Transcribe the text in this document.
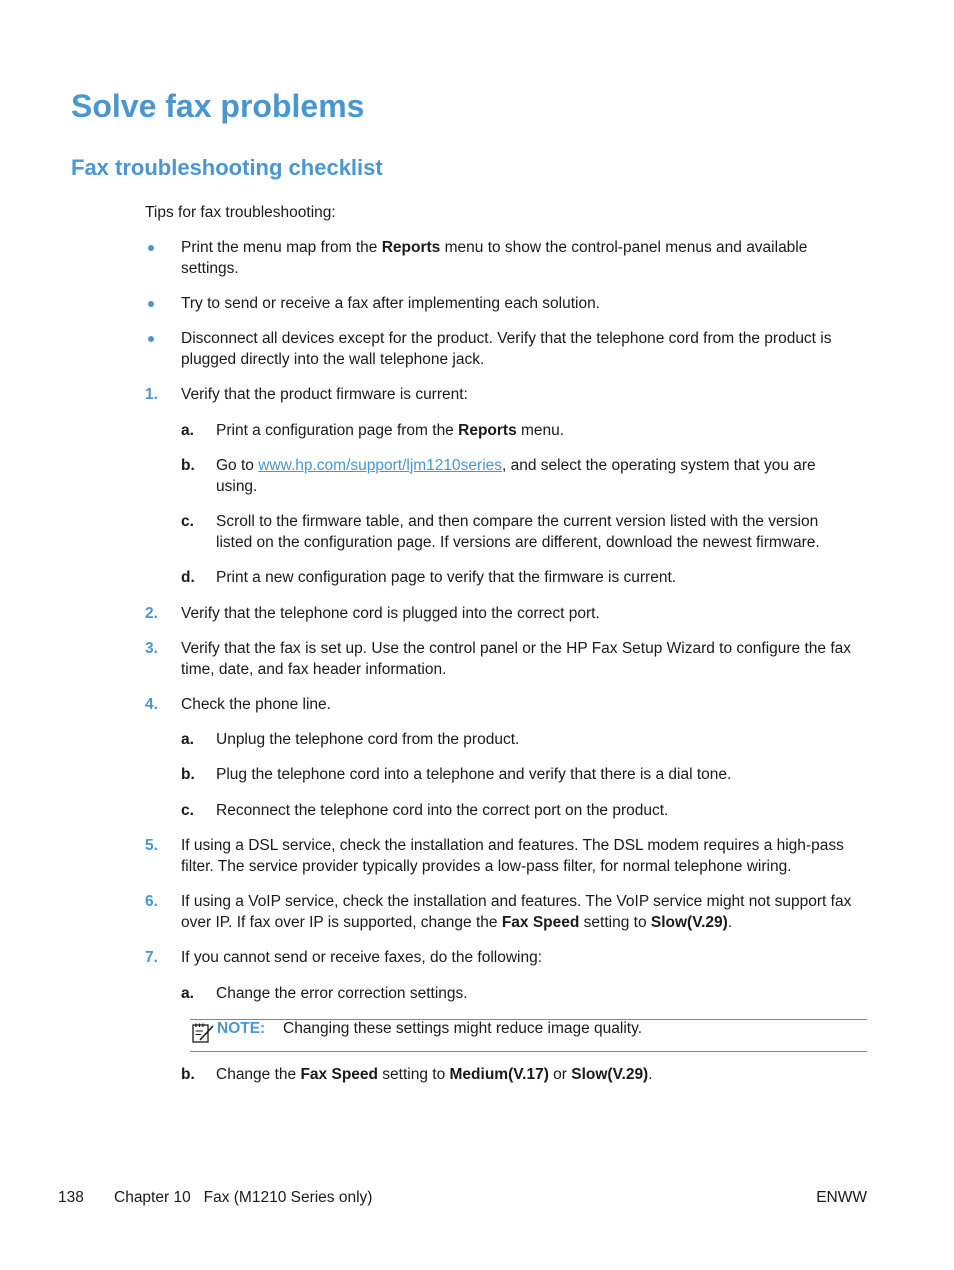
Solve fax problems
Fax troubleshooting checklist
Tips for fax troubleshooting:
Print the menu map from the Reports menu to show the control-panel menus and available
settings.
Try to send or receive a fax after implementing each solution.
Disconnect all devices except for the product. Verify that the telephone cord from the product is
plugged directly into the wall telephone jack.
1. Verify that the product firmware is current:
a. Print a configuration page from the Reports menu.
b. Go to www.hp.com/support/ljm1210series, and select the operating system that you are
using.
c. Scroll to the firmware table, and then compare the current version listed with the version
listed on the configuration page. If versions are different, download the newest firmware.
d. Print a new configuration page to verify that the firmware is current.
2. Verify that the telephone cord is plugged into the correct port.
3. Verify that the fax is set up. Use the control panel or the HP Fax Setup Wizard to configure the fax
time, date, and fax header information.
4. Check the phone line.
a. Unplug the telephone cord from the product.
b. Plug the telephone cord into a telephone and verify that there is a dial tone.
c. Reconnect the telephone cord into the correct port on the product.
5. If using a DSL service, check the installation and features. The DSL modem requires a high-pass
filter. The service provider typically provides a low-pass filter, for normal telephone wiring.
6. If using a VoIP service, check the installation and features. The VoIP service might not support fax
over IP. If fax over IP is supported, change the Fax Speed setting to Slow(V.29).
7. If you cannot send or receive faxes, do the following:
a. Change the error correction settings.
NOTE: Changing these settings might reduce image quality.
b. Change the Fax Speed setting to Medium(V.17) or Slow(V.29).
138 Chapter 10   Fax (M1210 Series only)	ENWW
